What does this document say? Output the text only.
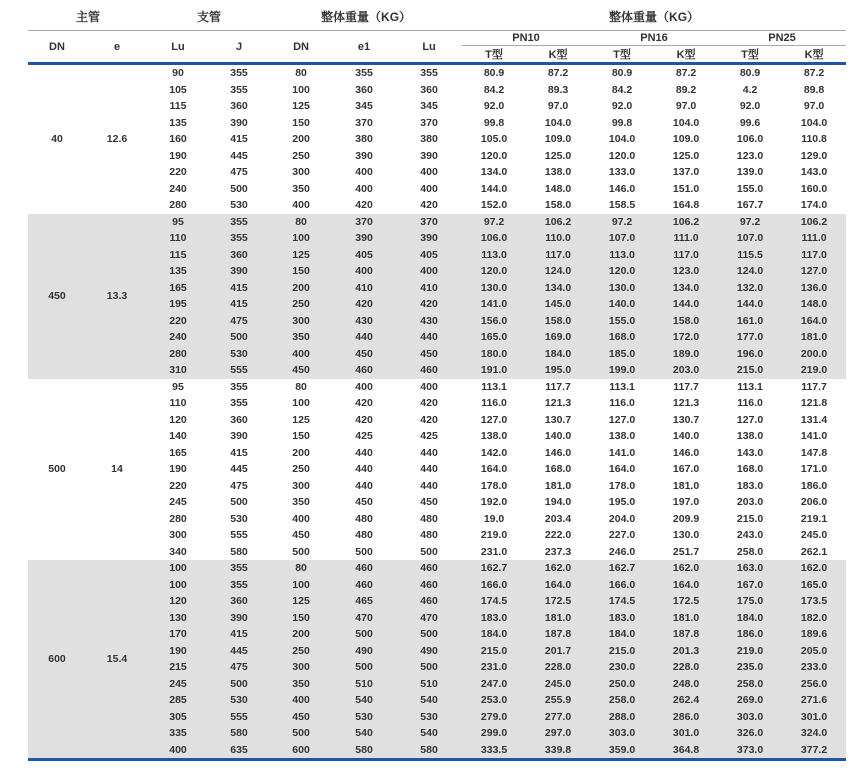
主管		支管		整体重量（KG）			整体重量（KG）					
DN	e	Lu	J	DN	e1	Lu	PN10		PN16		PN25	
							T型	K型	T型	K型	T型	K型
40	12.6	90	355	80	355	355	80.9	87.2	80.9	87.2	80.9	87.2
		105	355	100	360	360	84.2	89.3	84.2	89.2	4.2	89.8
		115	360	125	345	345	92.0	97.0	92.0	97.0	92.0	97.0
		135	390	150	370	370	99.8	104.0	99.8	104.0	99.6	104.0
		160	415	200	380	380	105.0	109.0	104.0	109.0	106.0	110.8
		190	445	250	390	390	120.0	125.0	120.0	125.0	123.0	129.0
		220	475	300	400	400	134.0	138.0	133.0	137.0	139.0	143.0
		240	500	350	400	400	144.0	148.0	146.0	151.0	155.0	160.0
		280	530	400	420	420	152.0	158.0	158.5	164.8	167.7	174.0
450	13.3	95	355	80	370	370	97.2	106.2	97.2	106.2	97.2	106.2
		110	355	100	390	390	106.0	110.0	107.0	111.0	107.0	111.0
		115	360	125	405	405	113.0	117.0	113.0	117.0	115.5	117.0
		135	390	150	400	400	120.0	124.0	120.0	123.0	124.0	127.0
		165	415	200	410	410	130.0	134.0	130.0	134.0	132.0	136.0
		195	415	250	420	420	141.0	145.0	140.0	144.0	144.0	148.0
		220	475	300	430	430	156.0	158.0	155.0	158.0	161.0	164.0
		240	500	350	440	440	165.0	169.0	168.0	172.0	177.0	181.0
		280	530	400	450	450	180.0	184.0	185.0	189.0	196.0	200.0
		310	555	450	460	460	191.0	195.0	199.0	203.0	215.0	219.0
500	14	95	355	80	400	400	113.1	117.7	113.1	117.7	113.1	117.7
		110	355	100	420	420	116.0	121.3	116.0	121.3	116.0	121.8
		120	360	125	420	420	127.0	130.7	127.0	130.7	127.0	131.4
		140	390	150	425	425	138.0	140.0	138.0	140.0	138.0	141.0
		165	415	200	440	440	142.0	146.0	141.0	146.0	143.0	147.8
		190	445	250	440	440	164.0	168.0	164.0	167.0	168.0	171.0
		220	475	300	440	440	178.0	181.0	178.0	181.0	183.0	186.0
		245	500	350	450	450	192.0	194.0	195.0	197.0	203.0	206.0
		280	530	400	480	480	19.0	203.4	204.0	209.9	215.0	219.1
		300	555	450	480	480	219.0	222.0	227.0	130.0	243.0	245.0
		340	580	500	500	500	231.0	237.3	246.0	251.7	258.0	262.1
600	15.4	100	355	80	460	460	162.7	162.0	162.7	162.0	163.0	162.0
		100	355	100	460	460	166.0	164.0	166.0	164.0	167.0	165.0
		120	360	125	465	460	174.5	172.5	174.5	172.5	175.0	173.5
		130	390	150	470	470	183.0	181.0	183.0	181.0	184.0	182.0
		170	415	200	500	500	184.0	187.8	184.0	187.8	186.0	189.6
		190	445	250	490	490	215.0	201.7	215.0	201.3	219.0	205.0
		215	475	300	500	500	231.0	228.0	230.0	228.0	235.0	233.0
		245	500	350	510	510	247.0	245.0	250.0	248.0	258.0	256.0
		285	530	400	540	540	253.0	255.9	258.0	262.4	269.0	271.6
		305	555	450	530	530	279.0	277.0	288.0	286.0	303.0	301.0
		335	580	500	540	540	299.0	297.0	303.0	301.0	326.0	324.0
		400	635	600	580	580	333.5	339.8	359.0	364.8	373.0	377.2
